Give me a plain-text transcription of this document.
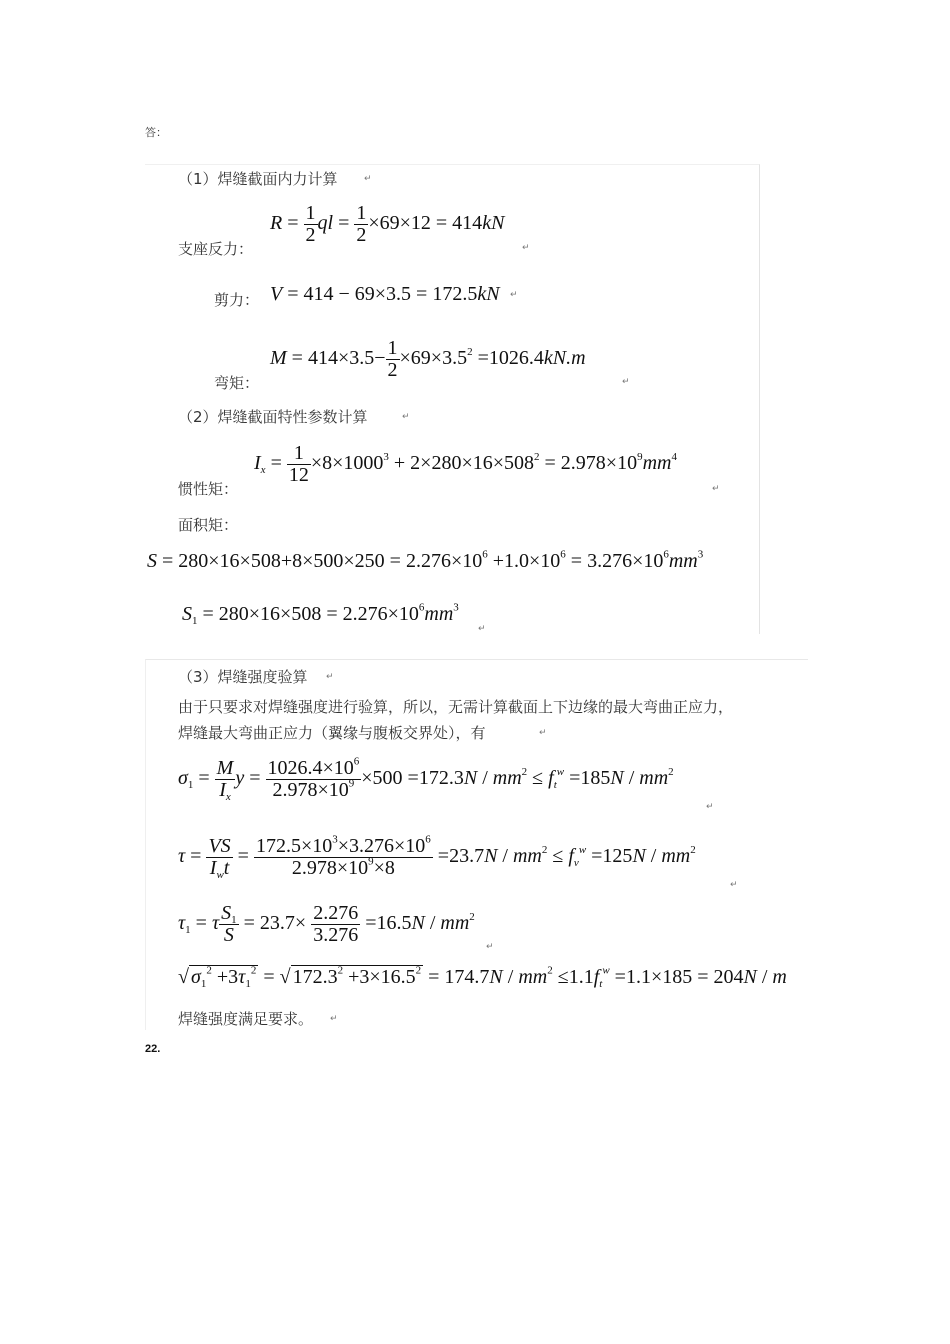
答：
（1）焊缝截面内力计算	↵
支座反力：
$R = \frac{1}{2}$ ql = $\frac{1}{2} \times 69\times 12 = 414kN$
↵
剪力： V = 414 − 69×3.5 = 172.5kN ↵
弯矩：
$M = 414\times 3.5- \frac{1}{2} \times 69\times 3.5^2 =1026.4kN.m$
↵
（2）焊缝截面特性参数计算	↵
惯性矩：
$I_x = \frac{1}{12} \times 8\times 1000^3 + 2\times 280\times 16\times 508^2 = 2.978\times 10^9mm^4$
↵
面积矩：
$S = 280\times 16\times 508+8\times 500\times 250 = 2.276\times 10^6 +1.0\times 10^6 = 3.276\times 10^6mm^3$
$S_1 = 280\times 16\times 508 = 2.276\times 10^6mm^3$
↵
（3）焊缝强度验算 ↵
由于只要求对焊缝强度进行验算，所以，无需计算截面上下边缘的最大弯曲正应力，
焊缝最大弯曲正应力（翼缘与腹板交界处），有	↵
$\sigma_1 = \frac{M}{I_x}$ $y = \frac{1026.4\times 10^6}{2.978\times 10^9} \times 500 =172.3N / mm^2 \le f_t^w =185N / mm^2$
↵
$\tau = \frac{VS}{I_wt} = \frac{172.5\times 10^3\times 3.276\times 10^6}{2.978\times 10^9\times 8} =23.7N / mm^2 \le f_v^w =125N / mm^2$
↵
$\tau_1 = \tau \frac{S_1}{S} = 23.7\times \frac{2.276}{3.276} =16.5N / mm^2$
↵
√ $\sigma_1^2 +3\tau_1^2$ = √ $172.3^2 +3\times 16.5^2 = 174.7N / mm^2 \le 1.1f_t^w =1.1\times 185 = 204N / m$
焊缝强度满足要求。 ↵
22.
